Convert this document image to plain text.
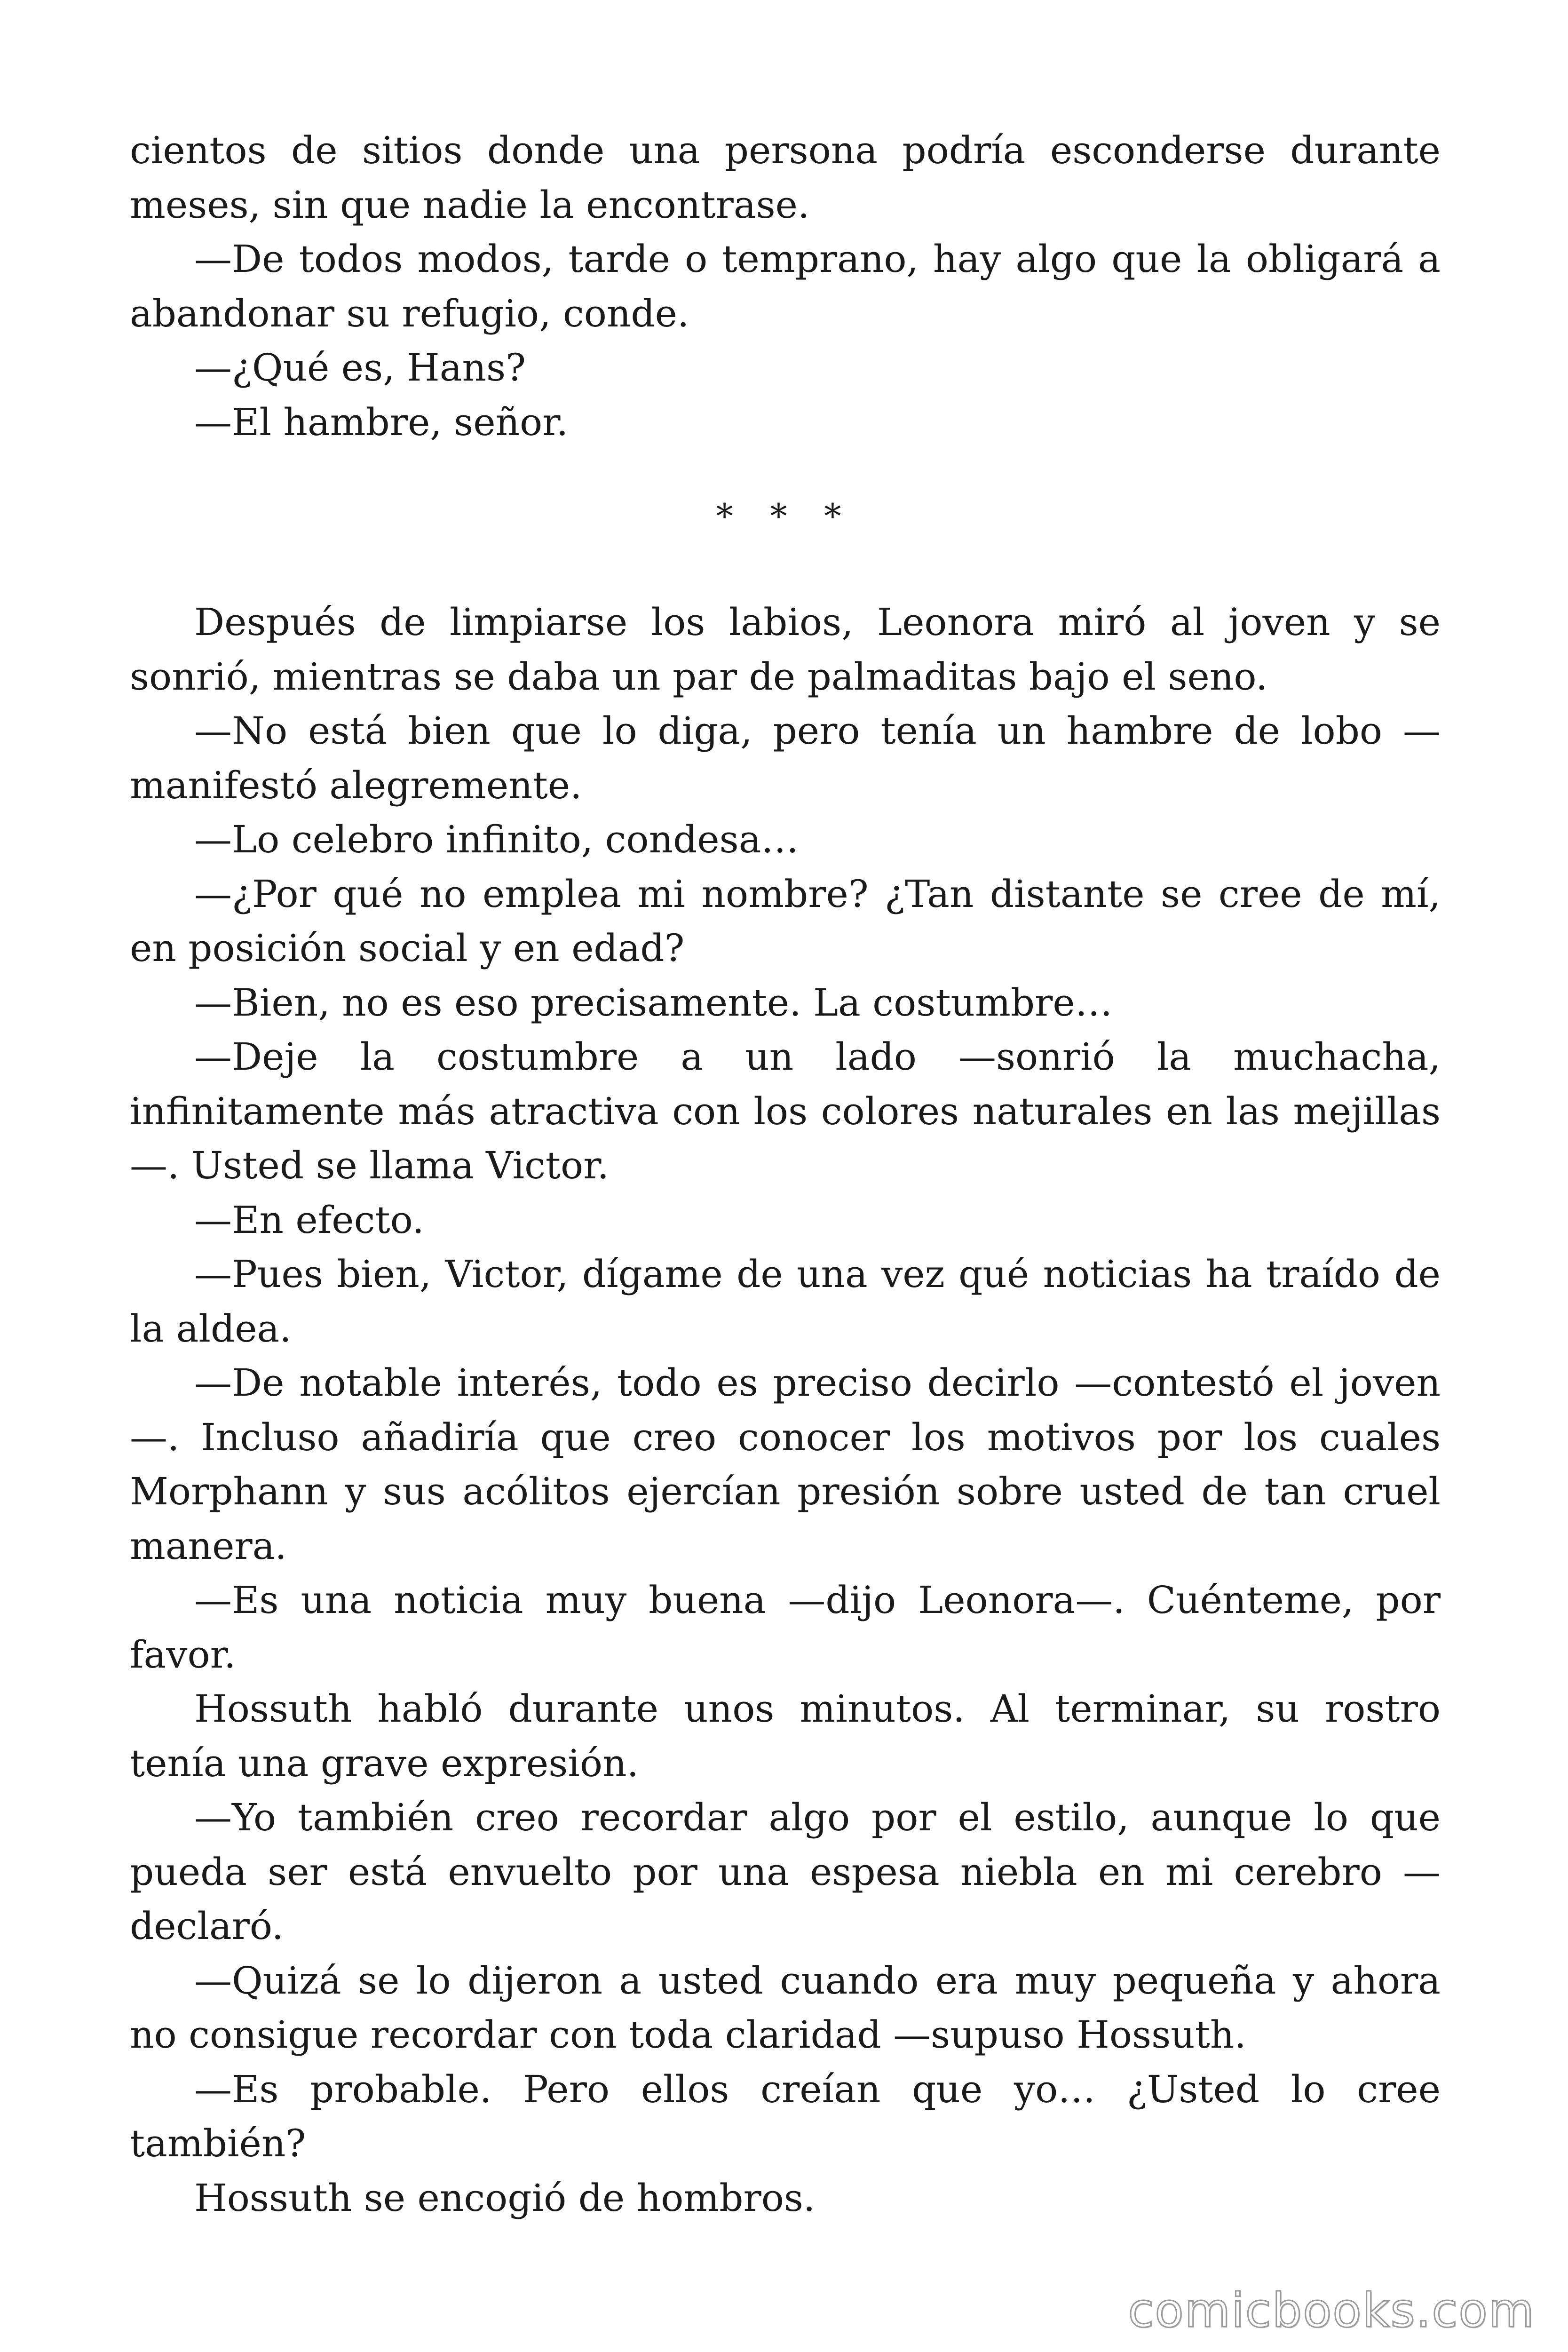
cientos de sitios donde una persona podría esconderse durante meses, sin que nadie la encontrase.

—De todos modos, tarde o temprano, hay algo que la obligará a abandonar su refugio, conde.

—¿Qué es, Hans?

—El hambre, señor.

* * *

Después de limpiarse los labios, Leonora miró al joven y se sonrió, mientras se daba un par de palmaditas bajo el seno.

—No está bien que lo diga, pero tenía un hambre de lobo —manifestó alegremente.

—Lo celebro infinito, condesa…

—¿Por qué no emplea mi nombre? ¿Tan distante se cree de mí, en posición social y en edad?

—Bien, no es eso precisamente. La costumbre…

—Deje la costumbre a un lado —sonrió la muchacha, infinitamente más atractiva con los colores naturales en las mejillas —. Usted se llama Victor.

—En efecto.

—Pues bien, Victor, dígame de una vez qué noticias ha traído de la aldea.

—De notable interés, todo es preciso decirlo —contestó el joven —. Incluso añadiría que creo conocer los motivos por los cuales Morphann y sus acólitos ejercían presión sobre usted de tan cruel manera.

—Es una noticia muy buena —dijo Leonora—. Cuénteme, por favor.

Hossuth habló durante unos minutos. Al terminar, su rostro tenía una grave expresión.

—Yo también creo recordar algo por el estilo, aunque lo que pueda ser está envuelto por una espesa niebla en mi cerebro —declaró.

—Quizá se lo dijeron a usted cuando era muy pequeña y ahora no consigue recordar con toda claridad —supuso Hossuth.

—Es probable. Pero ellos creían que yo… ¿Usted lo cree también?

Hossuth se encogió de hombros.

comicbooks.com
